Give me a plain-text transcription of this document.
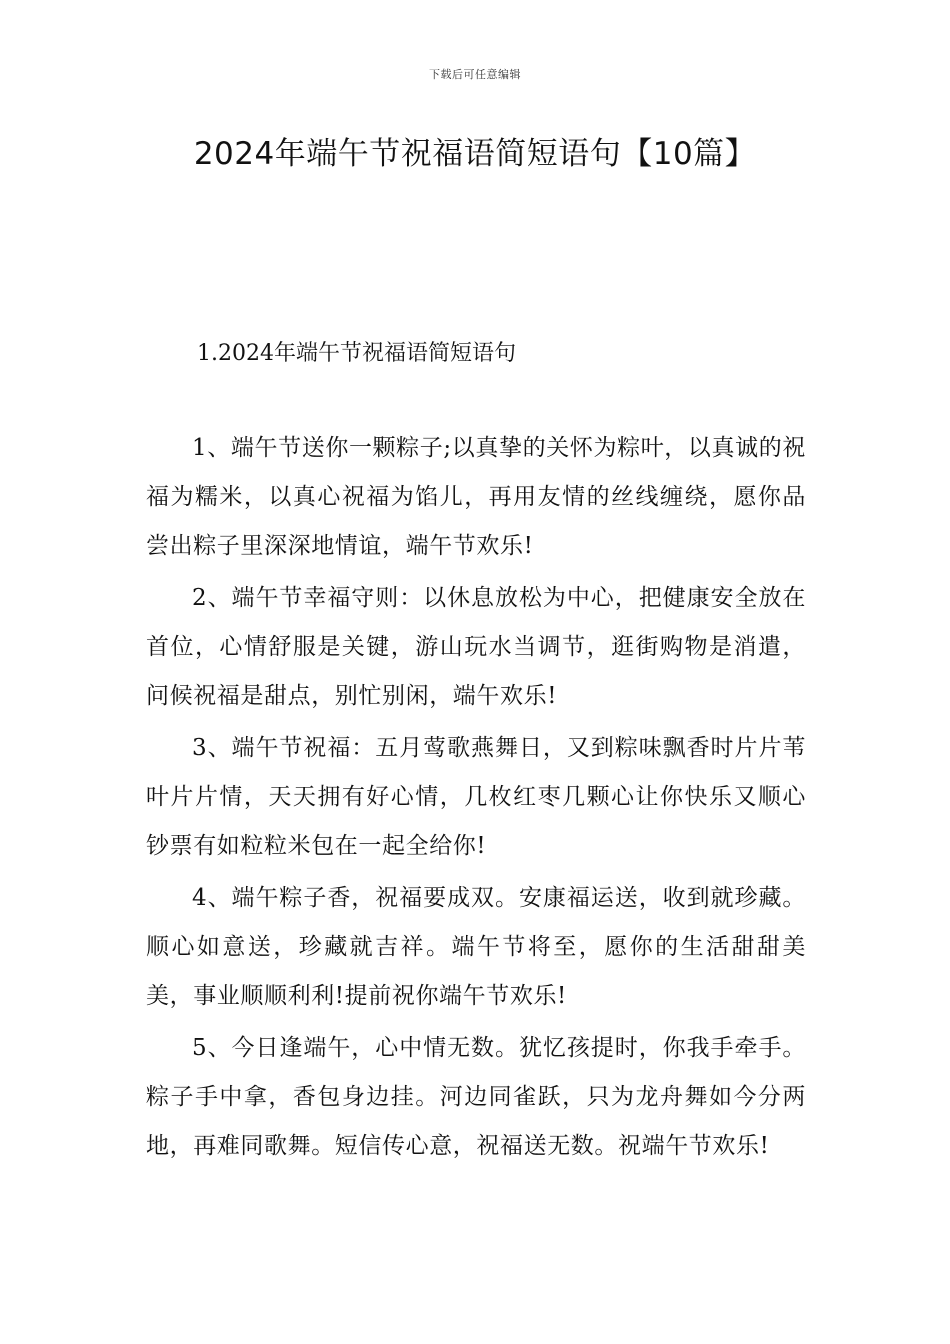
下载后可任意编辑
2024年端午节祝福语简短语句【10篇】
1.2024年端午节祝福语简短语句

1、端午节送你一颗粽子;以真挚的关怀为粽叶，以真诚的祝福为糯米，以真心祝福为馅儿，再用友情的丝线缠绕，愿你品尝出粽子里深深地情谊，端午节欢乐!

2、端午节幸福守则：以休息放松为中心，把健康安全放在首位，心情舒服是关键，游山玩水当调节，逛街购物是消遣，问候祝福是甜点，别忙别闲，端午欢乐!

3、端午节祝福：五月莺歌燕舞日，又到粽味飘香时片片苇叶片片情，天天拥有好心情，几枚红枣几颗心让你快乐又顺心钞票有如粒粒米包在一起全给你!

4、端午粽子香，祝福要成双。安康福运送，收到就珍藏。顺心如意送，珍藏就吉祥。端午节将至，愿你的生活甜甜美美，事业顺顺利利!提前祝你端午节欢乐!

5、今日逢端午，心中情无数。犹忆孩提时，你我手牵手。粽子手中拿，香包身边挂。河边同雀跃，只为龙舟舞如今分两地，再难同歌舞。短信传心意，祝福送无数。祝端午节欢乐!
